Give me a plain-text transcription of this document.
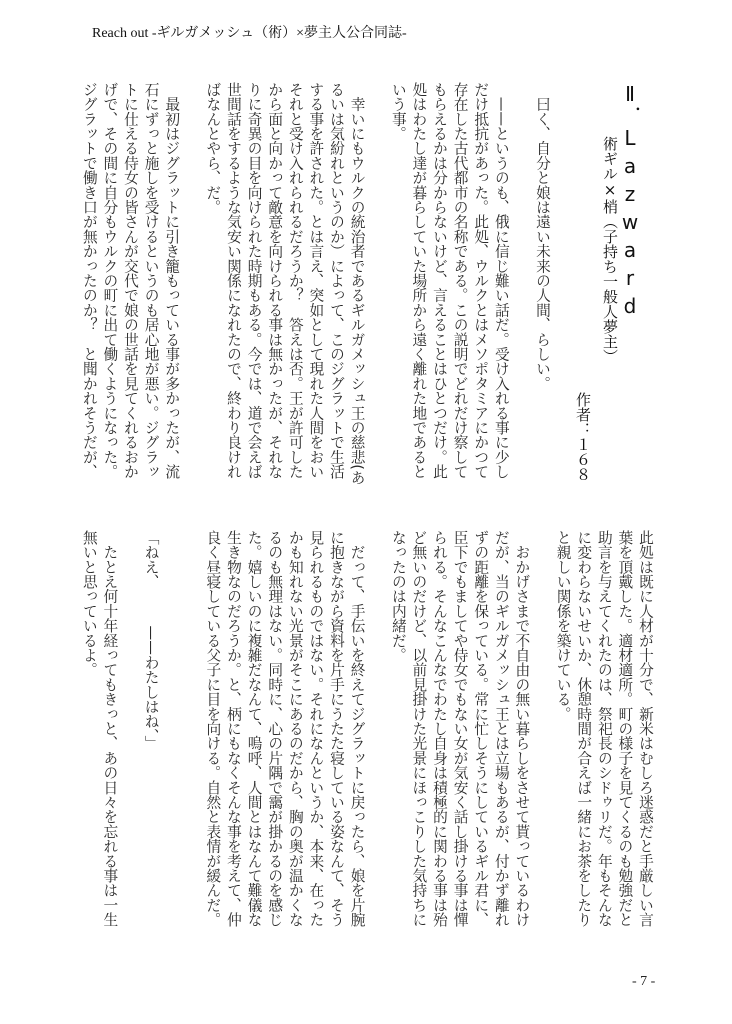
Reach out -ギルガメッシュ（術）×夢主人公合同誌-
Ⅱ．Lazward
術ギル×梢（子持ち一般人夢主）
作者：１６８
　曰く、自分と娘は遠い未来の人間、らしい。
　——というのも、俄に信じ難い話だ。受け入れる事に少し
だけ抵抗があった。此処、ウルクとはメソポタミアにかつて
存在した古代都市の名称である。この説明でどれだけ察して
もらえるかは分からないけど、言えることはひとつだけ。此
処はわたし達が暮らしていた場所から遠く離れた地であると
いう事。
　幸いにもウルクの統治者であるギルガメッシュ王の慈悲(あ
るいは気紛れというのか）によって、このジグラットで生活
する事を許された。とは言え、突如として現れた人間をおい
それと受け入れられるだろうか？　答えは否。王が許可した
から面と向かって敵意を向けられる事は無かったが、それな
りに奇異の目を向けられた時期もある。今では、道で会えば
世間話をするような気安い関係になれたので、終わり良けれ
ばなんとやら、だ。
　最初はジグラットに引き籠もっている事が多かったが、流
石にずっと施しを受けるというのも居心地が悪い。ジグラッ
トに仕える侍女の皆さんが交代で娘の世話を見てくれるおか
げで、その間に自分もウルクの町に出て働くようになった。
ジグラットで働き口が無かったのか？　と聞かれそうだが、
此処は既に人材が十分で、新米はむしろ迷惑だと手厳しい言
葉を頂戴した。適材適所。町の様子を見てくるのも勉強だと
助言を与えてくれたのは、祭祀長のシドゥリだ。年もそんな
に変わらないせいか、休憩時間が合えば一緒にお茶をしたり
と親しい関係を築けている。
　おかげさまで不自由の無い暮らしをさせて貰っているわけ
だが、当のギルガメッシュ王とは立場もあるが、付かず離れ
ずの距離を保っている。常に忙しそうにしているギル君に、
臣下でもましてや侍女でもない女が気安く話し掛ける事は憚
られる。そんなこんなでわたし自身は積極的に関わる事は殆
ど無いのだけど、以前見掛けた光景にほっこりした気持ちに
なったのは内緒だ。
　だって、手伝いを終えてジグラットに戻ったら、娘を片腕
に抱きながら資料を片手にうたた寝している姿なんて、そう
見られるものではない。それになんというか、本来、在った
かも知れない光景がそこにあるのだから、胸の奥が温かくな
るのも無理はない。同時に、心の片隅で靄が掛かるのを感じ
た。嬉しいのに複雑だなんて、嗚呼、人間とはなんて難儀な
生き物なのだろうか。と、柄にもなくそんな事を考えて、仲
良く昼寝している父子に目を向ける。自然と表情が緩んだ。
「ねえ、　　　——わたしはね、」
　たとえ何十年経ってもきっと、あの日々を忘れる事は一生
無いと思っているよ。
- 7 -
